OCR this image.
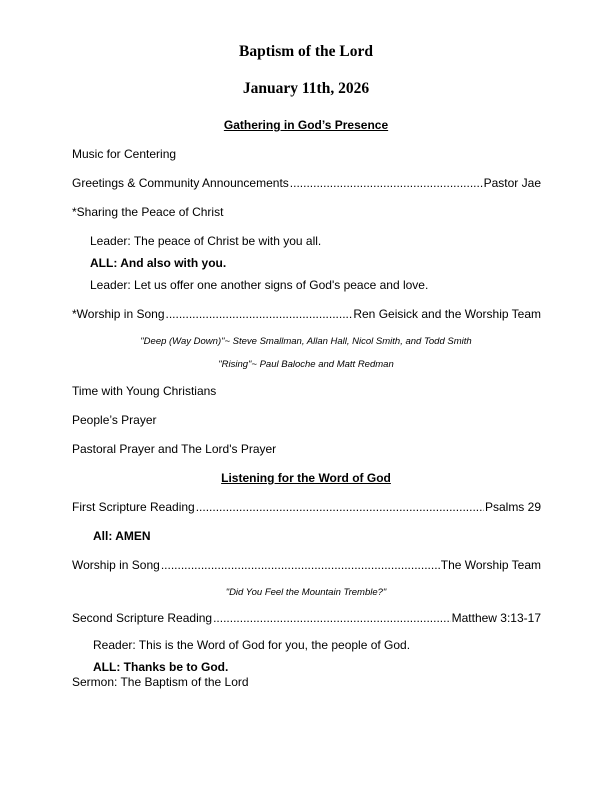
Baptism of the Lord
January 11th, 2026
Gathering in God’s Presence
Music for Centering
Greetings & Community Announcements .....	Pastor Jae
*Sharing the Peace of Christ
Leader: The peace of Christ be with you all.
ALL: And also with you.
Leader: Let us offer one another signs of God's peace and love.
*Worship in Song .....	Ren Geisick and the Worship Team
"Deep (Way Down)"~ Steve Smallman, Allan Hall, Nicol Smith, and Todd Smith
"Rising"~ Paul Baloche and Matt Redman
Time with Young Christians
People’s Prayer
Pastoral Prayer and The Lord's Prayer
Listening for the Word of God
First Scripture Reading .....	Psalms 29
All: AMEN
Worship in Song .....	The Worship Team
"Did You Feel the Mountain Tremble?"
Second Scripture Reading .....	Matthew 3:13-17
Reader: This is the Word of God for you, the people of God.
ALL: Thanks be to God.
Sermon: The Baptism of the Lord
